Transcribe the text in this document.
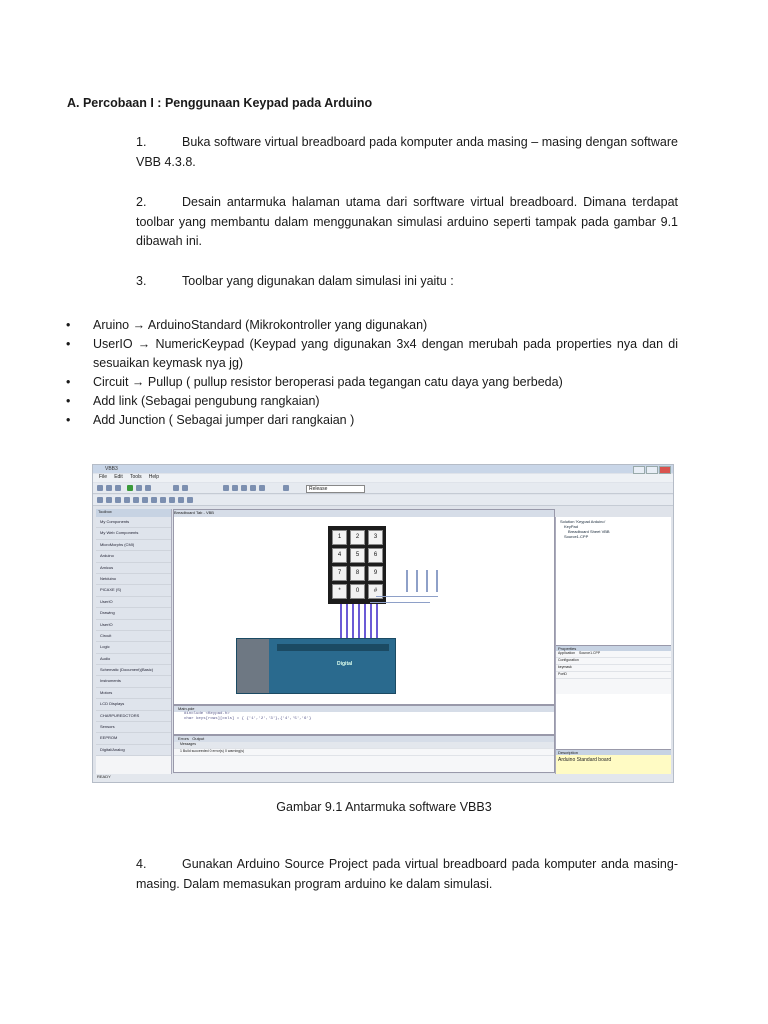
A. Percobaan I : Penggunaan Keypad pada Arduino
1.	Buka software virtual breadboard pada komputer anda masing – masing dengan software VBB 4.3.8.
2.	Desain antarmuka halaman utama dari sorftware virtual breadboard. Dimana terdapat toolbar yang membantu dalam menggunakan simulasi arduino seperti tampak pada gambar 9.1 dibawah ini.
3.	Toolbar yang digunakan dalam simulasi ini yaitu :
• Aruino → ArduinoStandard (Mikrokontroller yang digunakan)
• UserIO → NumericKeypad (Keypad yang digunakan 3x4 dengan merubah pada properties nya dan di sesuaikan keymask nya jg)
• Circuit → Pullup ( pullup resistor beroperasi pada tegangan catu daya yang berbeda)
• Add link (Sebagai pengubung rangkaian)
• Add Junction ( Sebagai jumper dari rangkaian )
VBB3
File Edit Tools Help
Release
Toolbox
My Components
My Web Components
MicroMorphs (CMI)
Arduino
Amicus
Netduino
PICAXE (S)
UserIO
Drawing
UserIO
Circuit
Logic
Audio
Schematic (Document)(Basic)
Instruments
Motors
LCD Displays
CHARPUREDCTORS
Sensors
EEPROM
Digital/Analog
Breadboard Tab - VBB
1	2	3
4	5	6
7	8	9
*	0	#
Digital
Main.pde
#include <Keypad.h>
char keys[rows][cols] = { {'1','2','3'},{'4','5','6'}
Errors Output
Messages
1 Build succeeded 0 error(s) 0 warning(s)
Solution 'Keypad Arduino'
KeyPad
Breadboard Sheet VBB
Source1.CPP
Properties
Application Source1.CPP
Configuration
keymask
PortD
Description
Arduino Standard board
READY
Gambar 9.1 Antarmuka software VBB3
4.	Gunakan Arduino Source Project pada virtual breadboard pada komputer anda masing-masing. Dalam memasukan program arduino ke dalam simulasi.
